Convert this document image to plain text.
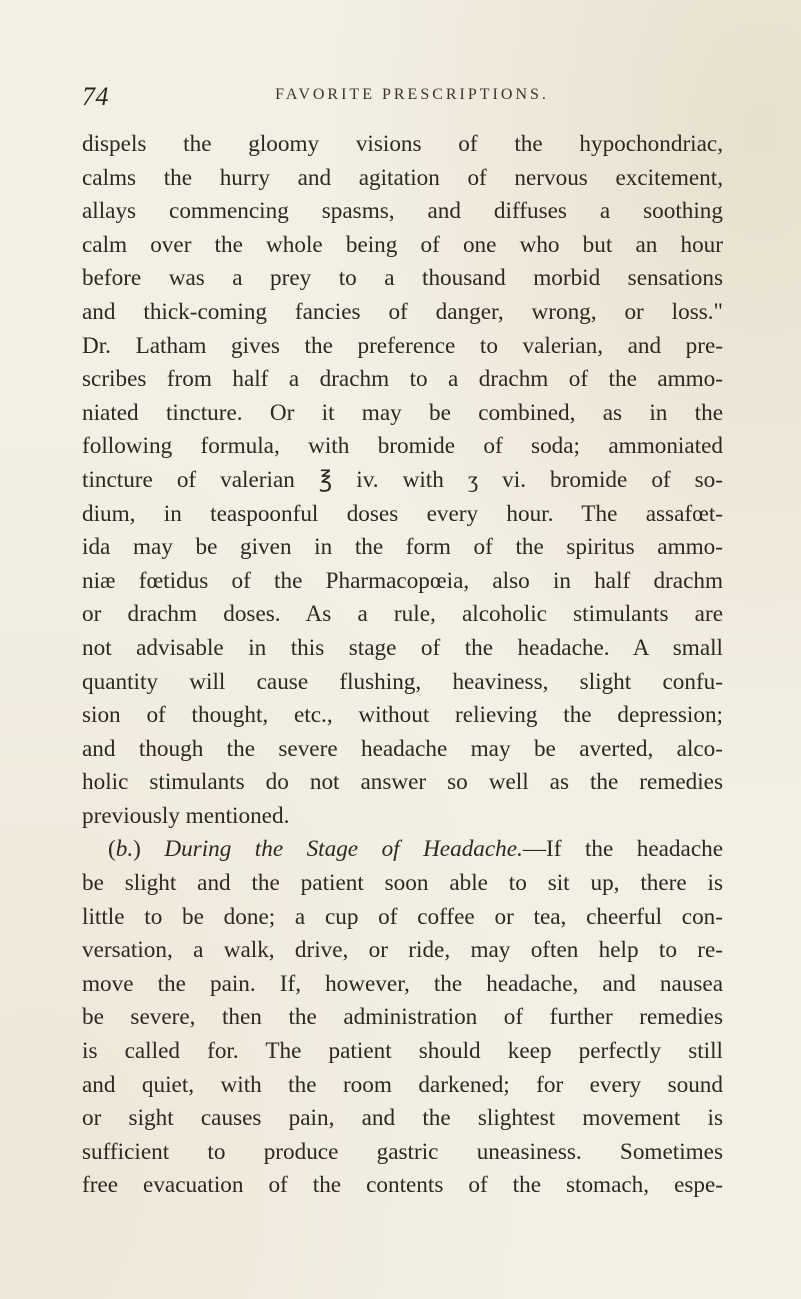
74	FAVORITE PRESCRIPTIONS.
dispels the gloomy visions of the hypochondriac,
calms the hurry and agitation of nervous excitement,
allays commencing spasms, and diffuses a soothing
calm over the whole being of one who but an hour
before was a prey to a thousand morbid sensations
and thick-coming fancies of danger, wrong, or loss."
Dr. Latham gives the preference to valerian, and pre-
scribes from half a drachm to a drachm of the ammo-
niated tincture. Or it may be combined, as in the
following formula, with bromide of soda; ammoniated
tincture of valerian ℥ iv. with ʒ vi. bromide of so-
dium, in teaspoonful doses every hour. The assafœt-
ida may be given in the form of the spiritus ammo-
niæ fœtidus of the Pharmacopœia, also in half drachm
or drachm doses. As a rule, alcoholic stimulants are
not advisable in this stage of the headache. A small
quantity will cause flushing, heaviness, slight confu-
sion of thought, etc., without relieving the depression;
and though the severe headache may be averted, alco-
holic stimulants do not answer so well as the remedies
previously mentioned.
(b.) During the Stage of Headache.—If the headache
be slight and the patient soon able to sit up, there is
little to be done; a cup of coffee or tea, cheerful con-
versation, a walk, drive, or ride, may often help to re-
move the pain. If, however, the headache, and nausea
be severe, then the administration of further remedies
is called for. The patient should keep perfectly still
and quiet, with the room darkened; for every sound
or sight causes pain, and the slightest movement is
sufficient to produce gastric uneasiness. Sometimes
free evacuation of the contents of the stomach, espe-
